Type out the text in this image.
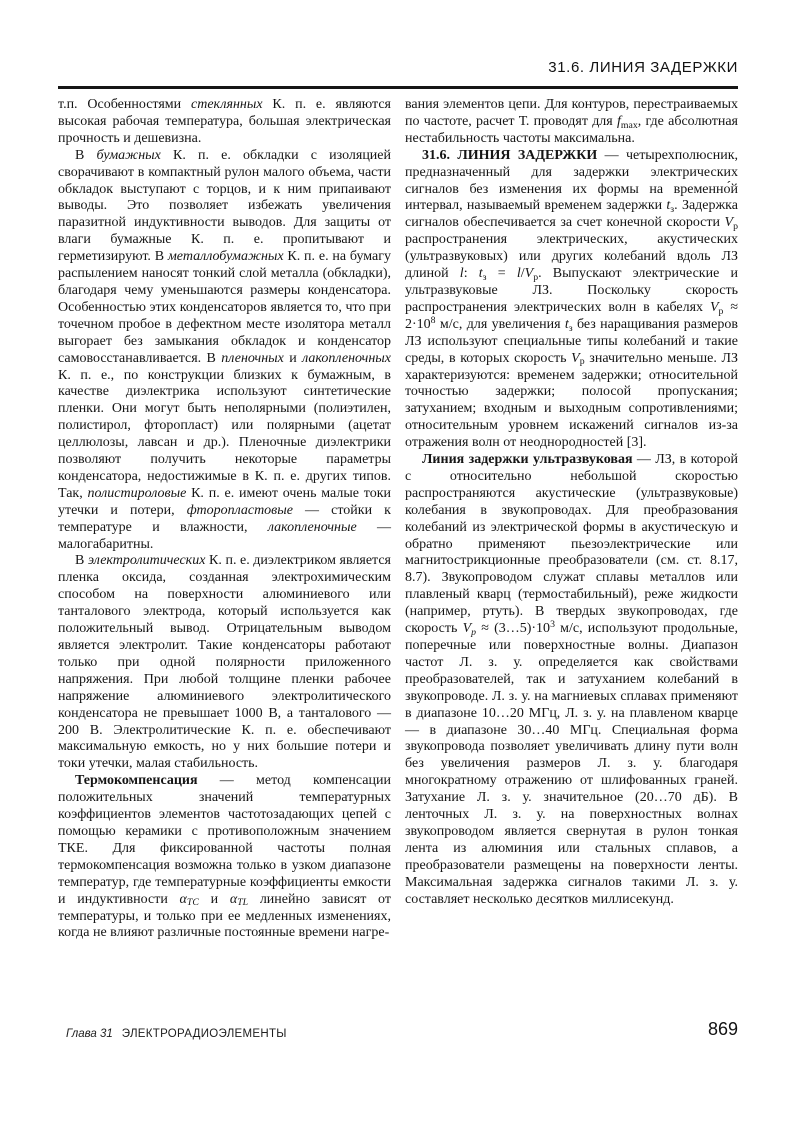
31.6. ЛИНИЯ ЗАДЕРЖКИ

т.п. Особенностями стеклянных К. п. е. являются высокая рабочая температура, большая электрическая прочность и дешевизна.

В бумажных К. п. е. обкладки с изоляцией сворачивают в компактный рулон малого объема, части обкладок выступают с торцов, и к ним припаивают выводы. Это позволяет избежать увеличения паразитной индуктивности выводов. Для защиты от влаги бумажные К. п. е. пропитывают и герметизируют. В металлобумажных К. п. е. на бумагу распылением наносят тонкий слой металла (обкладки), благодаря чему уменьшаются размеры конденсатора. Особенностью этих конденсаторов является то, что при точечном пробое в дефектном месте изолятора металл выгорает без замыкания обкладок и конденсатор самовосстанавливается. В пленочных и лакопленочных К. п. е., по конструкции близких к бумажным, в качестве диэлектрика используют синтетические пленки. Они могут быть неполярными (полиэтилен, полистирол, фторопласт) или полярными (ацетат целлюлозы, лавсан и др.). Пленочные диэлектрики позволяют получить некоторые параметры конденсатора, недостижимые в К. п. е. других типов. Так, полистироловые К. п. е. имеют очень малые токи утечки и потери, фторопластовые — стойки к температуре и влажности, лакопленочные — малогабаритны.

В электролитических К. п. е. диэлектриком является пленка оксида, созданная электрохимическим способом на поверхности алюминиевого или танталового электрода, который используется как положительный вывод. Отрицательным выводом является электролит. Такие конденсаторы работают только при одной полярности приложенного напряжения. При любой толщине пленки рабочее напряжение алюминиевого электролитического конденсатора не превышает 1000 В, а танталового — 200 В. Электролитические К. п. е. обеспечивают максимальную емкость, но у них большие потери и токи утечки, малая стабильность.

Термокомпенсация — метод компенсации положительных значений температурных коэффициентов элементов частотозадающих цепей с помощью керамики с противоположным значением ТКЕ. Для фиксированной частоты полная термокомпенсация возможна только в узком диапазоне температур, где температурные коэффициенты емкости и индуктивности αTC и αTL линейно зависят от температуры, и только при ее медленных изменениях, когда не влияют различные постоянные времени нагре-

вания элементов цепи. Для контуров, перестраиваемых по частоте, расчет Т. проводят для fmax, где абсолютная нестабильность частоты максимальна.

31.6. ЛИНИЯ ЗАДЕРЖКИ — четырехполюсник, предназначенный для задержки электрических сигналов без изменения их формы на временно́й интервал, называемый временем задержки tз. Задержка сигналов обеспечивается за счет конечной скорости Vр распространения электрических, акустических (ультразвуковых) или других колебаний вдоль ЛЗ длиной l: tз = l/Vр. Выпускают электрические и ультразвуковые ЛЗ. Поскольку скорость распространения электрических волн в кабелях Vр ≈ $2\cdot 10^8$ м/с, для увеличения tз без наращивания размеров ЛЗ используют специальные типы колебаний и такие среды, в которых скорость Vр значительно меньше. ЛЗ характеризуются: временем задержки; относительной точностью задержки; полосой пропускания; затуханием; входным и выходным сопротивлениями; относительным уровнем искажений сигналов из-за отражения волн от неоднородностей [3].

Линия задержки ультразвуковая — ЛЗ, в которой с относительно небольшой скоростью распространяются акустические (ультразвуковые) колебания в звукопроводах. Для преобразования колебаний из электрической формы в акустическую и обратно применяют пьезоэлектрические или магнитострикционные преобразователи (см. ст. 8.17, 8.7). Звукопроводом служат сплавы металлов или плавленый кварц (термостабильный), реже жидкости (например, ртуть). В твердых звукопроводах, где скорость Vр ≈ $(3\dots 5)\cdot 10^3$ м/с, используют продольные, поперечные или поверхностные волны. Диапазон частот Л. з. у. определяется как свойствами преобразователей, так и затуханием колебаний в звукопроводе. Л. з. у. на магниевых сплавах применяют в диапазоне 10…20 МГц, Л. з. у. на плавленом кварце — в диапазоне 30…40 МГц. Специальная форма звукопровода позволяет увеличивать длину пути волн без увеличения размеров Л. з. у. благодаря многократному отражению от шлифованных граней. Затухание Л. з. у. значительное (20…70 дБ). В ленточных Л. з. у. на поверхностных волнах звукопроводом является свернутая в рулон тонкая лента из алюминия или стальных сплавов, а преобразователи размещены на поверхности ленты. Максимальная задержка сигналов такими Л. з. у. составляет несколько десятков миллисекунд.

Глава 31 ЭЛЕКТРОРАДИОЭЛЕМЕНТЫ	869
